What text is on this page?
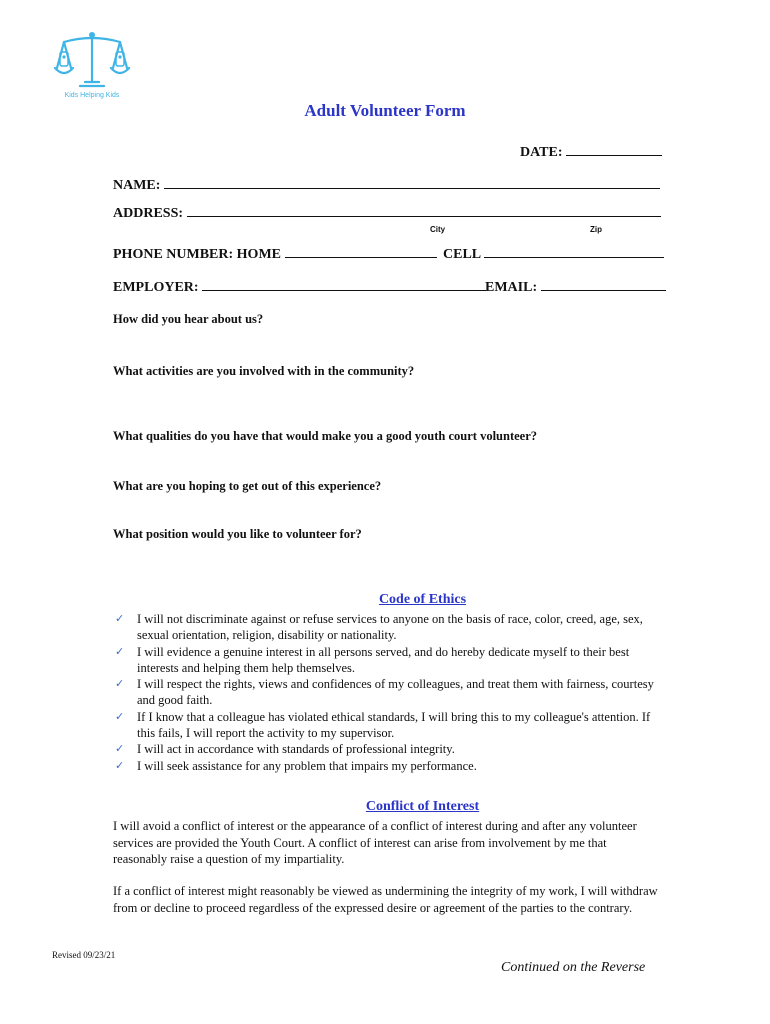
Kids Helping Kids
Adult Volunteer Form
DATE:
NAME:
ADDRESS:
City	Zip
PHONE NUMBER: HOME	CELL
EMPLOYER:	EMAIL:
How did you hear about us?
What activities are you involved with in the community?
What qualities do you have that would make you a good youth court volunteer?
What are you hoping to get out of this experience?
What position would you like to volunteer for?
Code of Ethics
✓ I will not discriminate against or refuse services to anyone on the basis of race, color, creed, age, sex, sexual orientation, religion, disability or nationality.
✓ I will evidence a genuine interest in all persons served, and do hereby dedicate myself to their best interests and helping them help themselves.
✓ I will respect the rights, views and confidences of my colleagues, and treat them with fairness, courtesy and good faith.
✓ If I know that a colleague has violated ethical standards, I will bring this to my colleague's attention. If this fails, I will report the activity to my supervisor.
✓ I will act in accordance with standards of professional integrity.
✓ I will seek assistance for any problem that impairs my performance.
Conflict of Interest
I will avoid a conflict of interest or the appearance of a conflict of interest during and after any volunteer services are provided the Youth Court. A conflict of interest can arise from involvement by me that reasonably raise a question of my impartiality.
If a conflict of interest might reasonably be viewed as undermining the integrity of my work, I will withdraw from or decline to proceed regardless of the expressed desire or agreement of the parties to the contrary.
Revised 09/23/21
Continued on the Reverse
